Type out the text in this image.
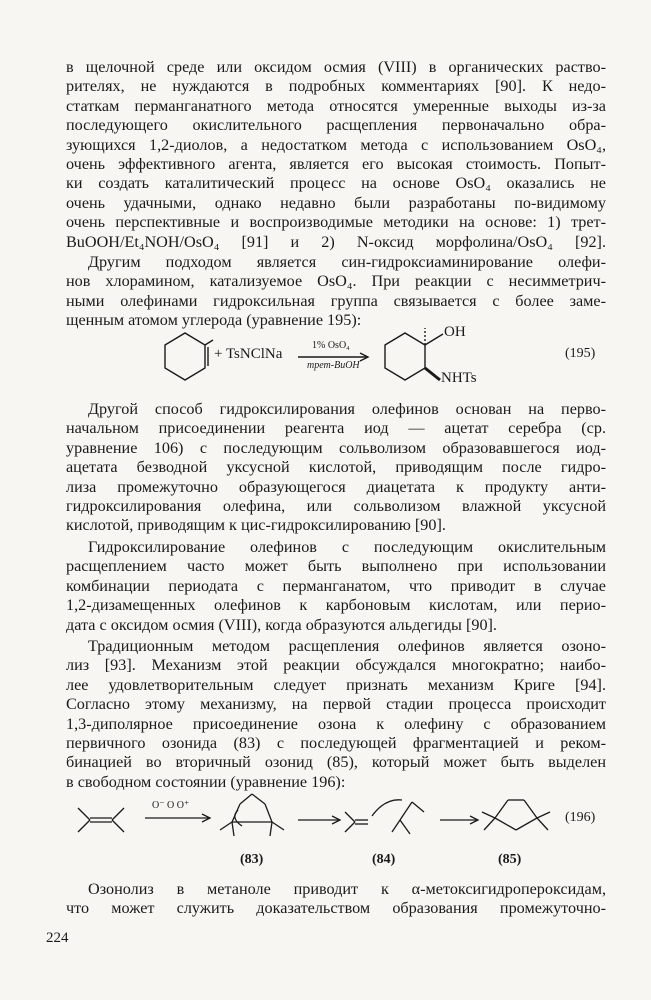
в щелочной среде или оксидом осмия (VIII) в органических раство-
рителях, не нуждаются в подробных комментариях [90]. К недо-
статкам перманганатного метода относятся умеренные выходы из-за
последующего окислительного расщепления первоначально обра-
зующихся 1,2-диолов, а недостатком метода с использованием OsO₄,
очень эффективного агента, является его высокая стоимость. Попыт-
ки создать каталитический процесс на основе OsO₄ оказались не
очень удачными, однако недавно были разработаны по-видимому
очень перспективные и воспроизводимые методики на основе: 1) трет-
BuOOH/Et₄NOH/OsO₄ [91] и 2) N-оксид морфолина/OsO₄ [92].
Другим подходом является син-гидроксиаминирование олефи-
нов хлорамином, катализуемое OsO₄. При реакции с несимметрич-
ными олефинами гидроксильная группа связывается с более заме-
щенным атомом углерода (уравнение 195):
+ TsNClNa
1% OsO₄
трет-BuOH
OH
NHTs
(195)
Другой способ гидроксилирования олефинов основан на перво-
начальном присоединении реагента иод — ацетат серебра (ср.
уравнение 106) с последующим сольволизом образовавшегося иод-
ацетата безводной уксусной кислотой, приводящим после гидро-
лиза промежуточно образующегося диацетата к продукту анти-
гидроксилирования олефина, или сольволизом влажной уксусной
кислотой, приводящим к цис-гидроксилированию [90].
Гидроксилирование олефинов с последующим окислительным
расщеплением часто может быть выполнено при использовании
комбинации периодата с перманганатом, что приводит в случае
1,2-дизамещенных олефинов к карбоновым кислотам, или перио-
дата с оксидом осмия (VIII), когда образуются альдегиды [90].
Традиционным методом расщепления олефинов является озоно-
лиз [93]. Механизм этой реакции обсуждался многократно; наибо-
лее удовлетворительным следует признать механизм Криге [94].
Согласно этому механизму, на первой стадии процесса происходит
1,3-диполярное присоединение озона к олефину с образованием
первичного озонида (83) с последующей фрагментацией и реком-
бинацией во вторичный озонид (85), который может быть выделен
в свободном состоянии (уравнение 196):
O⁻ O O⁺
(196)
(83)	(84)	(85)
Озонолиз в метаноле приводит к α-метоксигидропероксидам,
что может служить доказательством образования промежуточно-
224
